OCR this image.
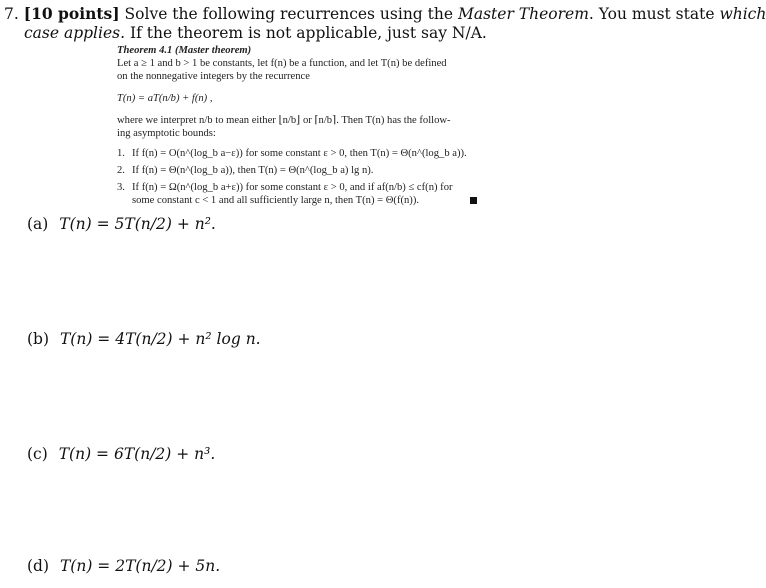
7. [10 points] Solve the following recurrences using the Master Theorem. You must state which
case applies. If the theorem is not applicable, just say N/A.
Theorem 4.1 (Master theorem)
Let a ≥ 1 and b > 1 be constants, let f(n) be a function, and let T(n) be defined
on the nonnegative integers by the recurrence
T(n) = aT(n/b) + f(n) ,
where we interpret n/b to mean either ⌊n/b⌋ or ⌈n/b⌉. Then T(n) has the follow-
ing asymptotic bounds:
1. If f(n) = O(n^(log_b a−ε)) for some constant ε > 0, then T(n) = Θ(n^(log_b a)).
2. If f(n) = Θ(n^(log_b a)), then T(n) = Θ(n^(log_b a) lg n).
3. If f(n) = Ω(n^(log_b a+ε)) for some constant ε > 0, and if af(n/b) ≤ cf(n) for
some constant c < 1 and all sufficiently large n, then T(n) = Θ(f(n)).
(a) T(n) = 5T(n/2) + n².
(b) T(n) = 4T(n/2) + n² log n.
(c) T(n) = 6T(n/2) + n³.
(d) T(n) = 2T(n/2) + 5n.
